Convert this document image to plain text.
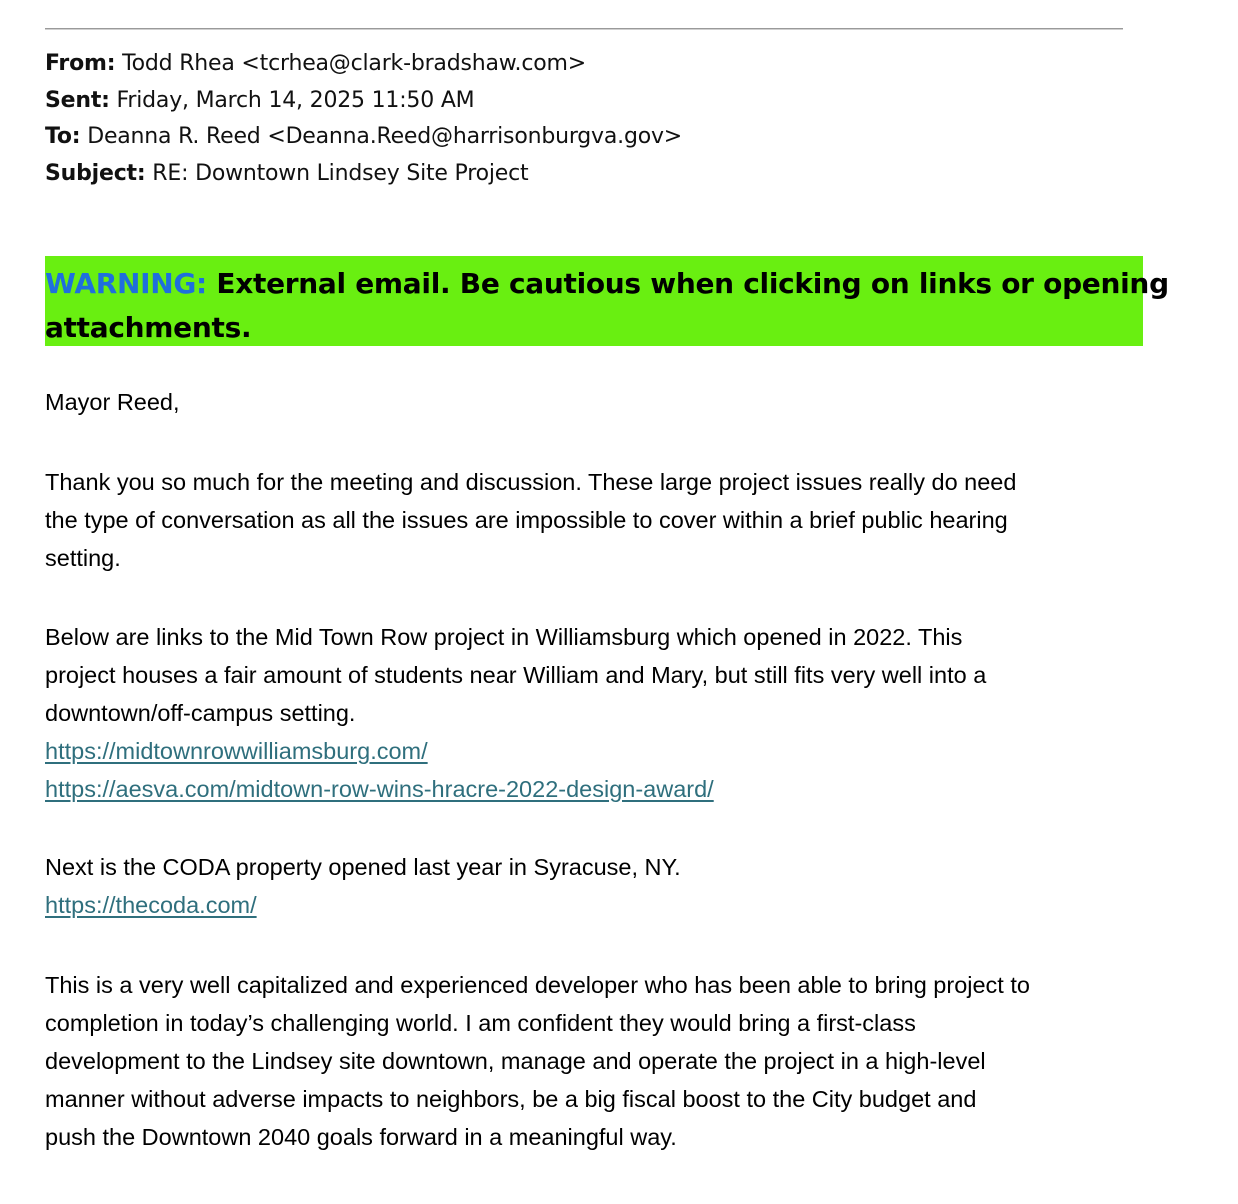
From: Todd Rhea <tcrhea@clark-bradshaw.com>
Sent: Friday, March 14, 2025 11:50 AM
To: Deanna R. Reed <Deanna.Reed@harrisonburgva.gov>
Subject: RE: Downtown Lindsey Site Project
WARNING: External email. Be cautious when clicking on links or opening
attachments.

Mayor Reed,

Thank you so much for the meeting and discussion. These large project issues really do need
the type of conversation as all the issues are impossible to cover within a brief public hearing
setting.

Below are links to the Mid Town Row project in Williamsburg which opened in 2022. This
project houses a fair amount of students near William and Mary, but still fits very well into a
downtown/off-campus setting.
https://midtownrowwilliamsburg.com/
https://aesva.com/midtown-row-wins-hracre-2022-design-award/
Next is the CODA property opened last year in Syracuse, NY.
https://thecoda.com/

This is a very well capitalized and experienced developer who has been able to bring project to
completion in today’s challenging world. I am confident they would bring a first-class
development to the Lindsey site downtown, manage and operate the project in a high-level
manner without adverse impacts to neighbors, be a big fiscal boost to the City budget and
push the Downtown 2040 goals forward in a meaningful way.
